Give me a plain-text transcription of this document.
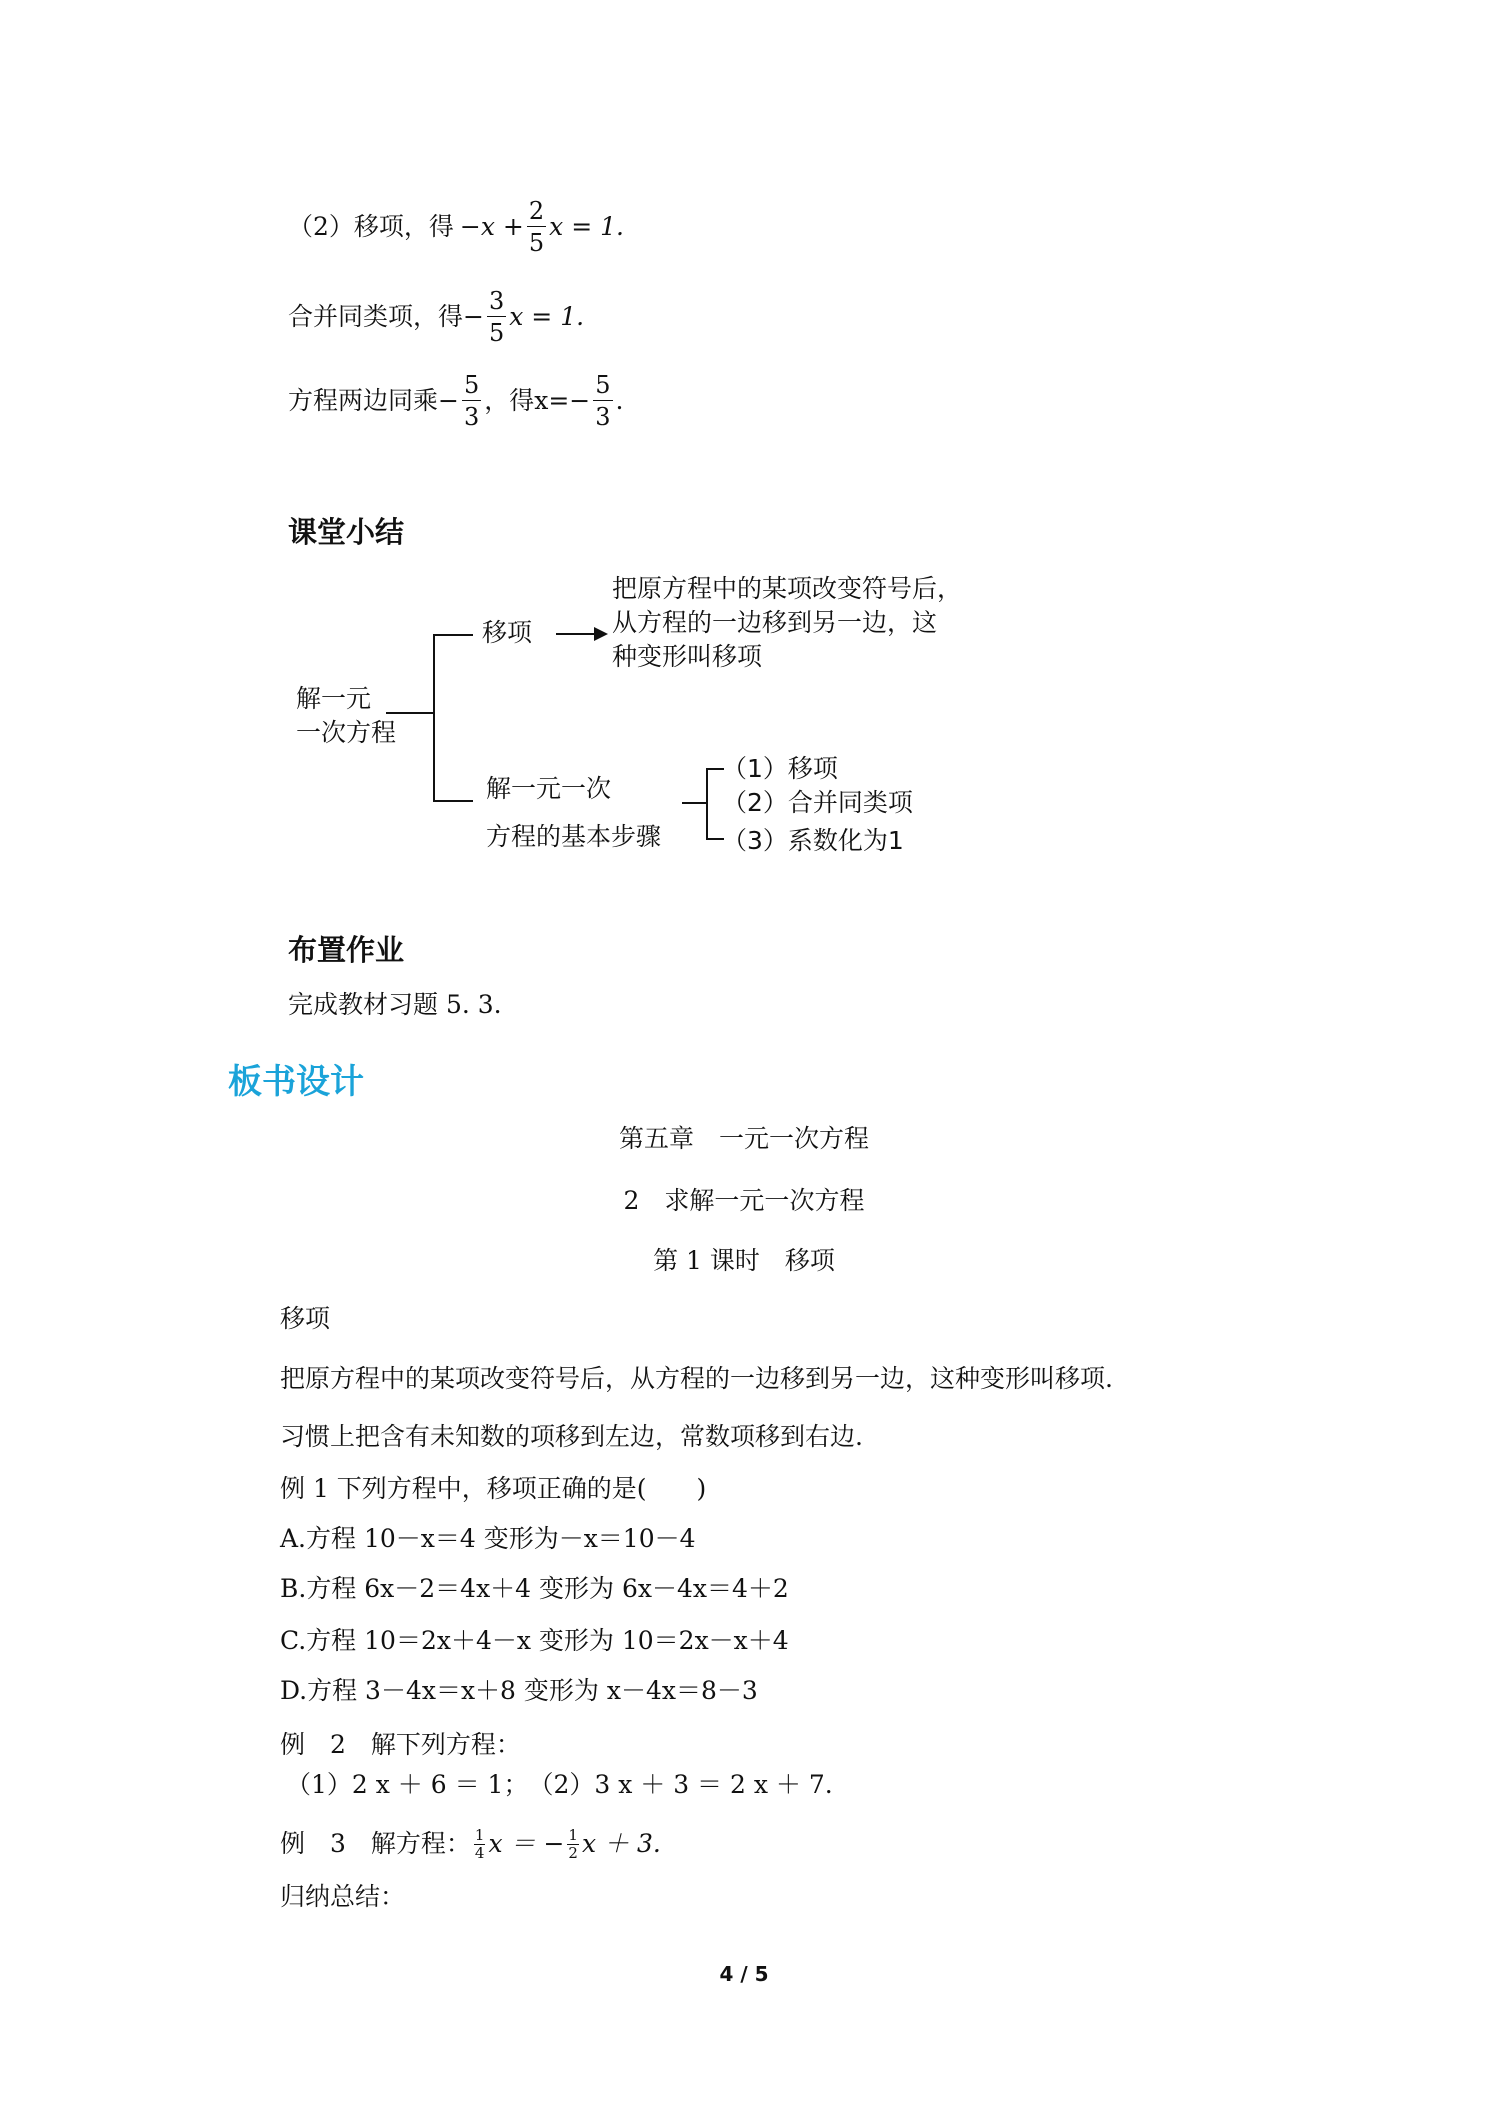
（2）移项，得 $-x + \frac{2}{5}$ x = 1.
合并同类项，得 − $\frac{3}{5}$ x = 1.
方程两边同乘 − $\frac{5}{3}$ ，得$x=- \frac{5}{3}$ .
课堂小结
解一元
一次方程
移项
把原方程中的某项改变符号后，
从方程的一边移到另一边，这
种变形叫移项
解一元一次
方程的基本步骤
（1）移项
（2）合并同类项
（3）系数化为1
布置作业
完成教材习题 5. 3.
板书设计
第五章　一元一次方程
2　求解一元一次方程
第 1 课时　移项
移项
把原方程中的某项改变符号后，从方程的一边移到另一边，这种变形叫移项.
习惯上把含有未知数的项移到左边，常数项移到右边.
例 1 下列方程中，移项正确的是(　　)
A.方程 10－x＝4 变形为－x＝10－4
B.方程 6x－2＝4x＋4 变形为 6x－4x＝4＋2
C.方程 10＝2x＋4－x 变形为 10＝2x－x＋4
D.方程 3－4x＝x＋8 变形为 x－4x＝8－3
例　2　解下列方程：
（1）2 x ＋ 6 ＝ 1；　（2）3 x ＋ 3 ＝ 2 x ＋ 7.
例　3　解方程： $\frac{1}{4}$ x ＝ − $\frac{1}{2}$ x ＋ 3.
归纳总结：
4 / 5
